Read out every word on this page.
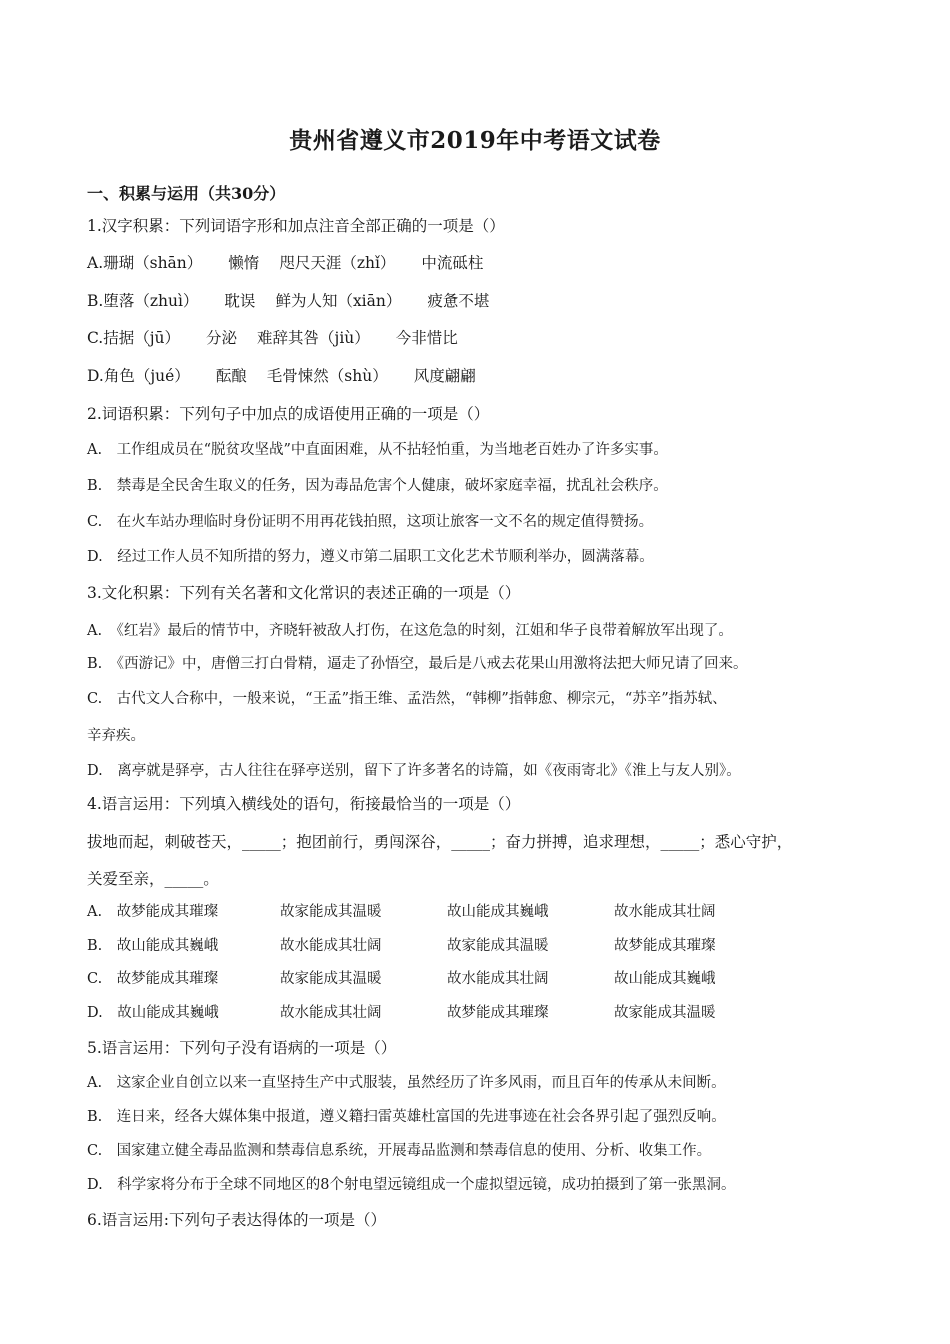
贵州省遵义市2019年中考语文试卷
一、积累与运用（共30分）
1.汉字积累：下列词语字形和加点注音全部正确的一项是（）
A.珊瑚（shān） 懒惰 咫尺天涯（zhǐ） 中流砥柱
B.堕落（zhuì） 耽误 鲜为人知（xiān） 疲惫不堪
C.拮据（jū） 分泌 难辞其咎（jiù） 今非惜比
D.角色（jué） 酝酿 毛骨悚然（shù） 风度翩翩
2.词语积累：下列句子中加点的成语使用正确的一项是（）
A.　工作组成员在“脱贫攻坚战”中直面困难，从不拈轻怕重，为当地老百姓办了许多实事。
B.　禁毒是全民舍生取义的任务，因为毒品危害个人健康，破坏家庭幸福，扰乱社会秩序。
C.　在火车站办理临时身份证明不用再花钱拍照，这项让旅客一文不名的规定值得赞扬。
D.　经过工作人员不知所措的努力，遵义市第二届职工文化艺术节顺利举办，圆满落幕。
3.文化积累：下列有关名著和文化常识的表述正确的一项是（）
A.　《红岩》最后的情节中，齐晓轩被敌人打伤，在这危急的时刻，江姐和华子良带着解放军出现了。
B.　《西游记》中，唐僧三打白骨精，逼走了孙悟空，最后是八戒去花果山用激将法把大师兄请了回来。
C.　古代文人合称中，一般来说，“王孟”指王维、孟浩然，“韩柳”指韩愈、柳宗元，“苏辛”指苏轼、
辛弃疾。
D.　离亭就是驿亭，古人往往在驿亭送别，留下了许多著名的诗篇，如《夜雨寄北》《淮上与友人别》。
4.语言运用：下列填入横线处的语句，衔接最恰当的一项是（）
拔地而起，刺破苍天，_____；抱团前行，勇闯深谷，_____；奋力拼搏，追求理想，_____；悉心守护，
关爱至亲，_____。
A.　故梦能成其璀璨	故家能成其温暖	故山能成其巍峨	故水能成其壮阔
B.　故山能成其巍峨	故水能成其壮阔	故家能成其温暖	故梦能成其璀璨
C.　故梦能成其璀璨	故家能成其温暖	故水能成其壮阔	故山能成其巍峨
D.　故山能成其巍峨	故水能成其壮阔	故梦能成其璀璨	故家能成其温暖
5.语言运用：下列句子没有语病的一项是（）
A.　这家企业自创立以来一直坚持生产中式服装，虽然经历了许多风雨，而且百年的传承从未间断。
B.　连日来，经各大媒体集中报道，遵义籍扫雷英雄杜富国的先进事迹在社会各界引起了强烈反响。
C.　国家建立健全毒品监测和禁毒信息系统，开展毒品监测和禁毒信息的使用、分析、收集工作。
D.　科学家将分布于全球不同地区的8个射电望远镜组成一个虚拟望远镜，成功拍摄到了第一张黑洞。
6.语言运用:下列句子表达得体的一项是（）
